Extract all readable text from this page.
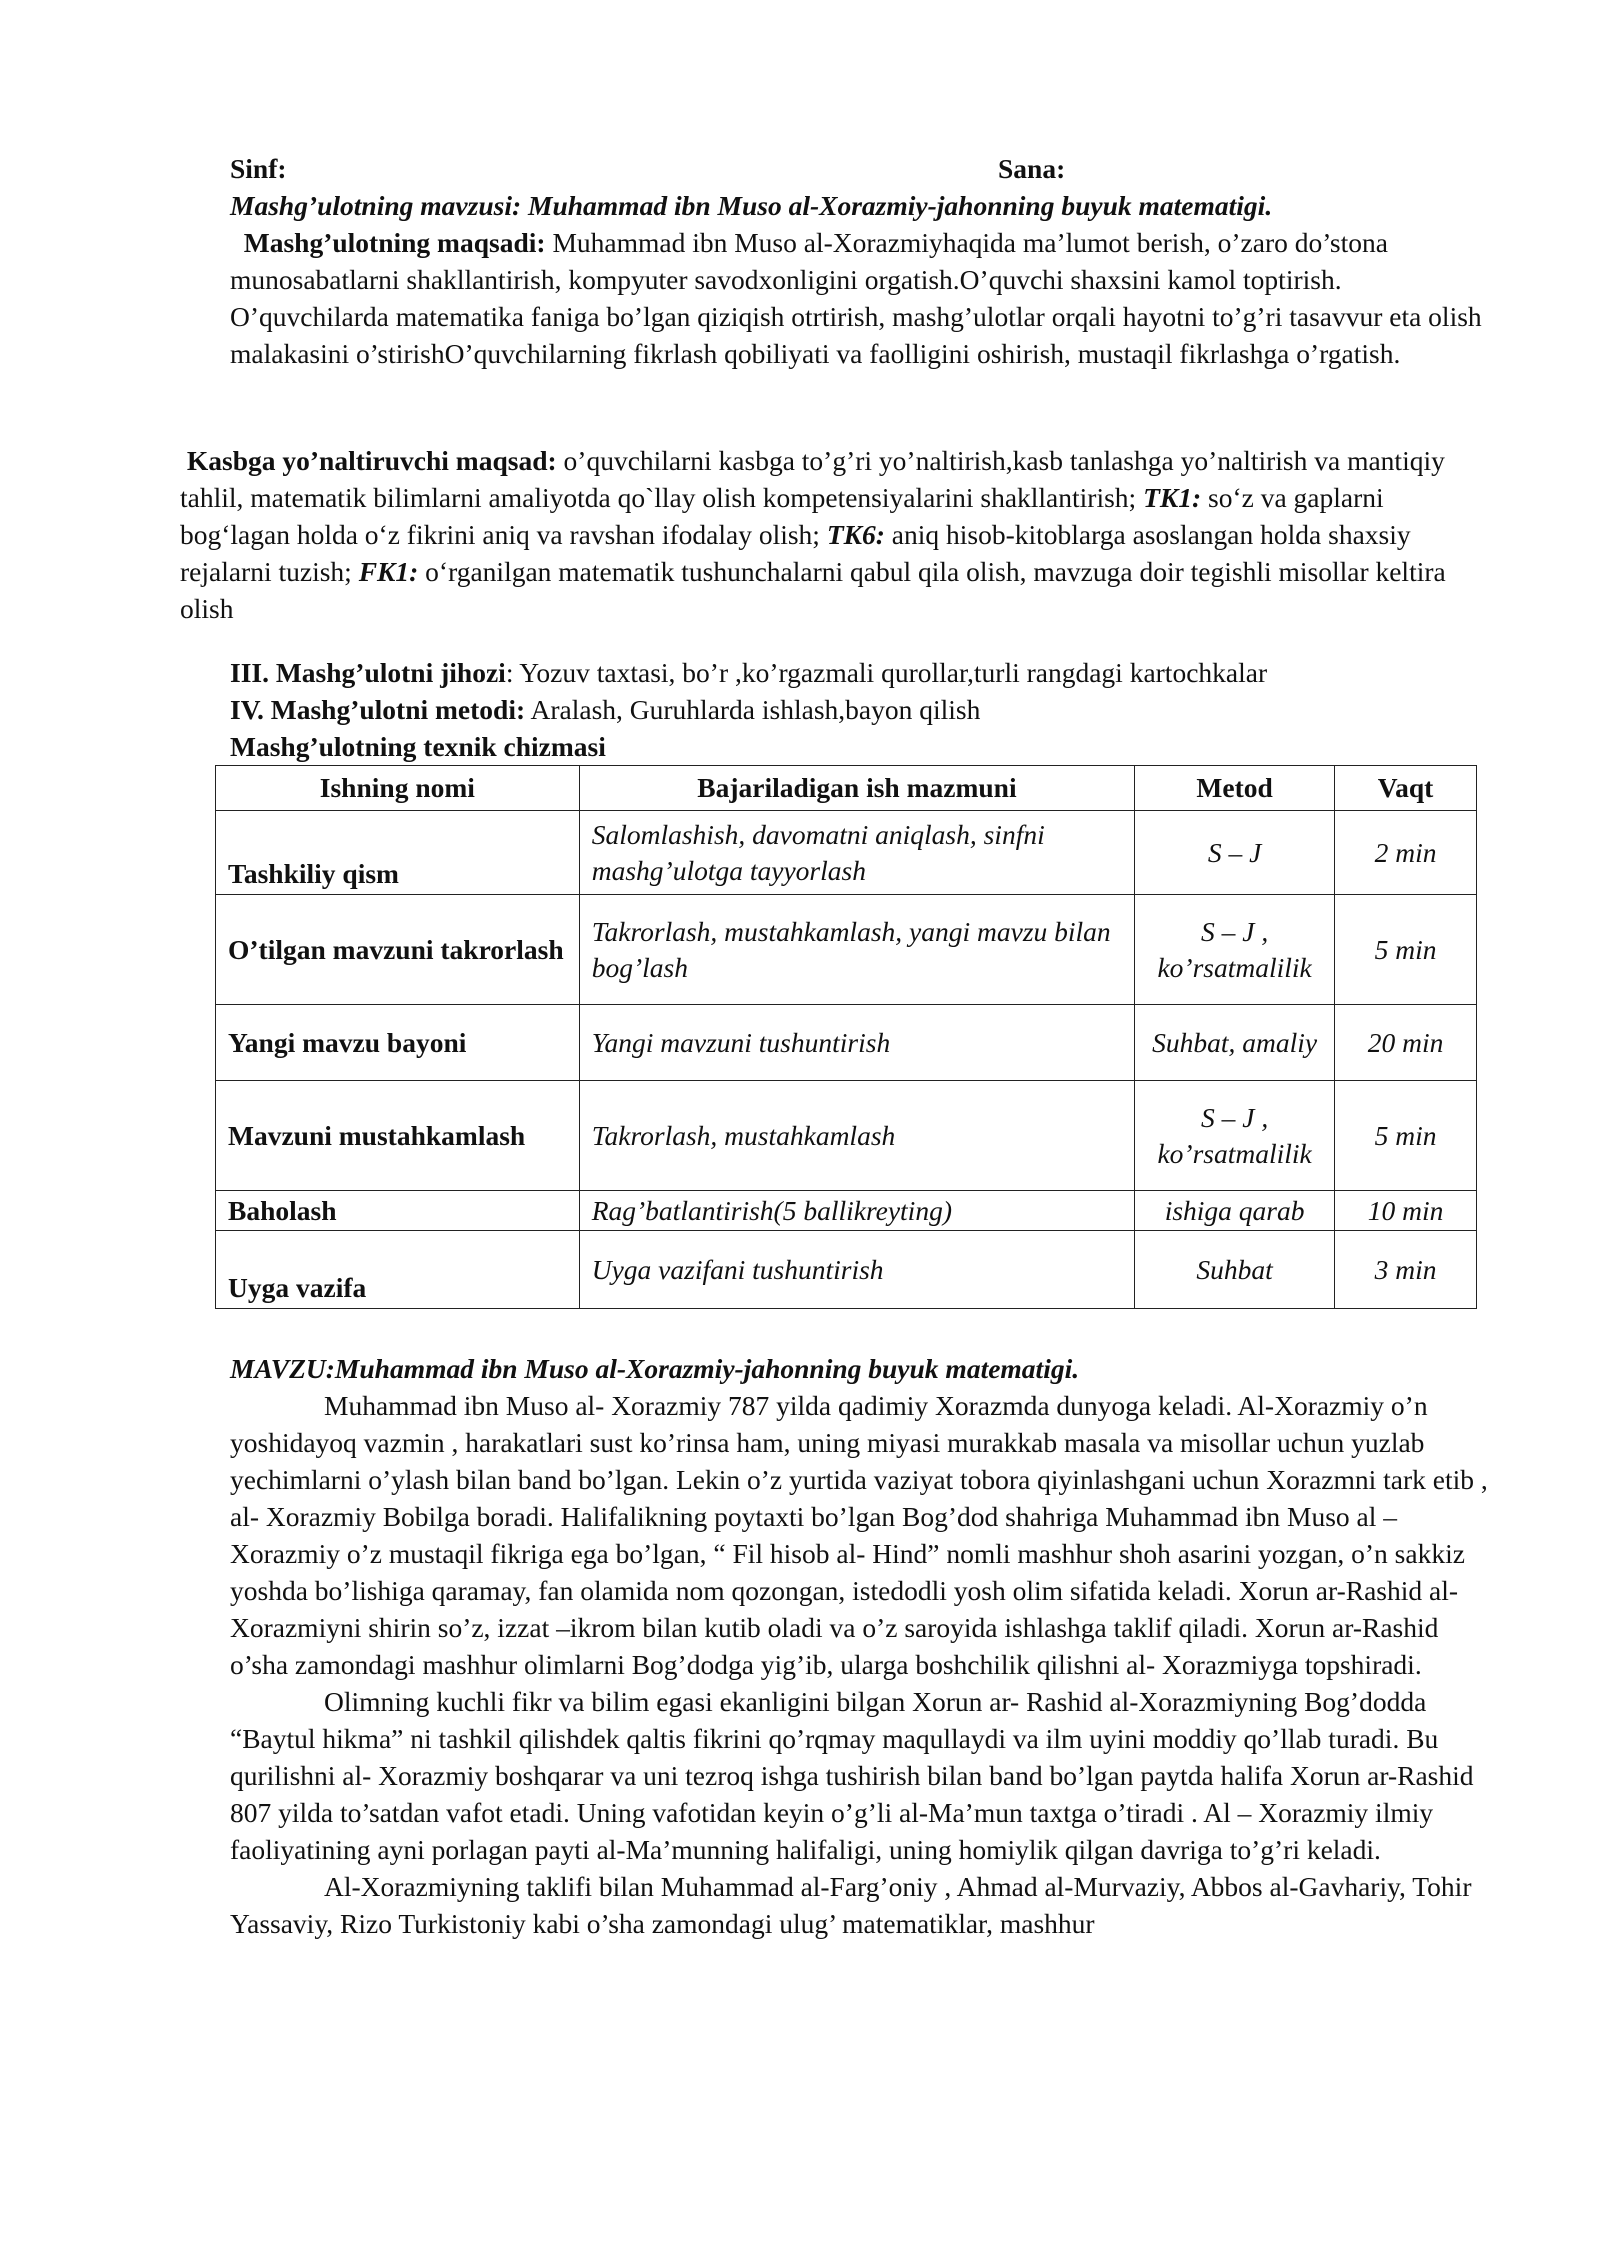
Sinf:	Sana:
Mashg’ulotning mavzusi: Muhammad ibn Muso al-Xorazmiy-jahonning buyuk matematigi.

Mashg’ulotning maqsadi: Muhammad ibn Muso al-Xorazmiyhaqida ma’lumot berish, o’zaro do’stona munosabatlarni shakllantirish, kompyuter savodxonligini orgatish.O’quvchi shaxsini kamol toptirish. O’quvchilarda matematika faniga bo’lgan qiziqish otrtirish, mashg’ulotlar orqali hayotni to’g’ri tasavvur eta olish malakasini o’stirishO’quvchilarning fikrlash qobiliyati va faolligini oshirish, mustaqil fikrlashga o’rgatish.

Kasbga yo’naltiruvchi maqsad: o’quvchilarni kasbga to’g’ri yo’naltirish,kasb tanlashga yo’naltirish va mantiqiy tahlil, matematik bilimlarni amaliyotda qo`llay olish kompetensiyalarini shakllantirish; TK1: so‘z va gaplarni bog‘lagan holda o‘z fikrini aniq va ravshan ifodalay olish; TK6: aniq hisob-kitoblarga asoslangan holda shaxsiy rejalarni tuzish; FK1: o‘rganilgan matematik tushunchalarni qabul qila olish, mavzuga doir tegishli misollar keltira olish

III. Mashg’ulotni jihozi: Yozuv taxtasi, bo’r ,ko’rgazmali qurollar,turli rangdagi kartochkalar
IV. Mashg’ulotni metodi: Aralash, Guruhlarda ishlash,bayon qilish
Mashg’ulotning texnik chizmasi
Ishning nomi	Bajariladigan ish mazmuni	Metod	Vaqt
Tashkiliy qism	Salomlashish, davomatni aniqlash, sinfni mashg’ulotga tayyorlash	S – J	2 min
O’tilgan mavzuni takrorlash	Takrorlash, mustahkamlash, yangi mavzu bilan bog’lash	S – J , ko’rsatmalilik	5 min
Yangi mavzu bayoni	Yangi mavzuni tushuntirish	Suhbat, amaliy	20 min
Mavzuni mustahkamlash	Takrorlash, mustahkamlash	S – J , ko’rsatmalilik	5 min
Baholash	Rag’batlantirish(5 ballikreyting)	ishiga qarab	10 min
Uyga vazifa	Uyga vazifani tushuntirish	Suhbat	3 min
MAVZU:Muhammad ibn Muso al-Xorazmiy-jahonning buyuk matematigi.

Muhammad ibn Muso al- Xorazmiy 787 yilda qadimiy Xorazmda dunyoga keladi. Al-Xorazmiy o’n yoshidayoq vazmin , harakatlari sust ko’rinsa ham, uning miyasi murakkab masala va misollar uchun yuzlab yechimlarni o’ylash bilan band bo’lgan. Lekin o’z yurtida vaziyat tobora qiyinlashgani uchun Xorazmni tark etib , al- Xorazmiy Bobilga boradi. Halifalikning poytaxti bo’lgan Bog’dod shahriga Muhammad ibn Muso al – Xorazmiy o’z mustaqil fikriga ega bo’lgan, “ Fil hisob al- Hind” nomli mashhur shoh asarini yozgan, o’n sakkiz yoshda bo’lishiga qaramay, fan olamida nom qozongan, istedodli yosh olim sifatida keladi. Xorun ar-Rashid al-Xorazmiyni shirin so’z, izzat –ikrom bilan kutib oladi va o’z saroyida ishlashga taklif qiladi. Xorun ar-Rashid o’sha zamondagi mashhur olimlarni Bog’dodga yig’ib, ularga boshchilik qilishni al- Xorazmiyga topshiradi.

Olimning kuchli fikr va bilim egasi ekanligini bilgan Xorun ar- Rashid al-Xorazmiyning Bog’dodda “Baytul hikma” ni tashkil qilishdek qaltis fikrini qo’rqmay maqullaydi va ilm uyini moddiy qo’llab turadi. Bu qurilishni al- Xorazmiy boshqarar va uni tezroq ishga tushirish bilan band bo’lgan paytda halifa Xorun ar-Rashid 807 yilda to’satdan vafot etadi. Uning vafotidan keyin o’g’li al-Ma’mun taxtga o’tiradi . Al – Xorazmiy ilmiy faoliyatining ayni porlagan payti al-Ma’munning halifaligi, uning homiylik qilgan davriga to’g’ri keladi.

Al-Xorazmiyning taklifi bilan Muhammad al-Farg’oniy , Ahmad al-Murvaziy, Abbos al-Gavhariy, Tohir Yassaviy, Rizo Turkistoniy kabi o’sha zamondagi ulug’ matematiklar, mashhur
